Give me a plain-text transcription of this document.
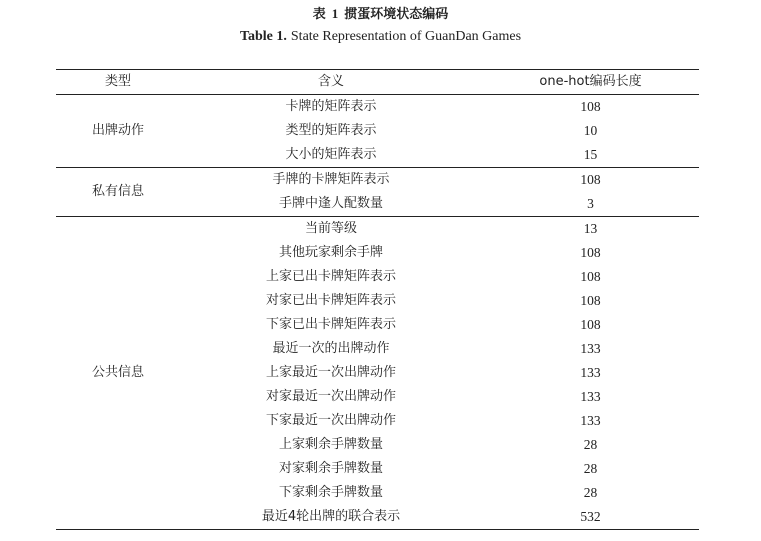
表 1 掼蛋环境状态编码
Table 1. State Representation of GuanDan Games
类型	含义	one-hot编码长度
出牌动作	卡牌的矩阵表示	108
	类型的矩阵表示	10
	大小的矩阵表示	15
私有信息	手牌的卡牌矩阵表示	108
	手牌中逢人配数量	3
公共信息	当前等级	13
	其他玩家剩余手牌	108
	上家已出卡牌矩阵表示	108
	对家已出卡牌矩阵表示	108
	下家已出卡牌矩阵表示	108
	最近一次的出牌动作	133
	上家最近一次出牌动作	133
	对家最近一次出牌动作	133
	下家最近一次出牌动作	133
	上家剩余手牌数量	28
	对家剩余手牌数量	28
	下家剩余手牌数量	28
	最近4轮出牌的联合表示	532
